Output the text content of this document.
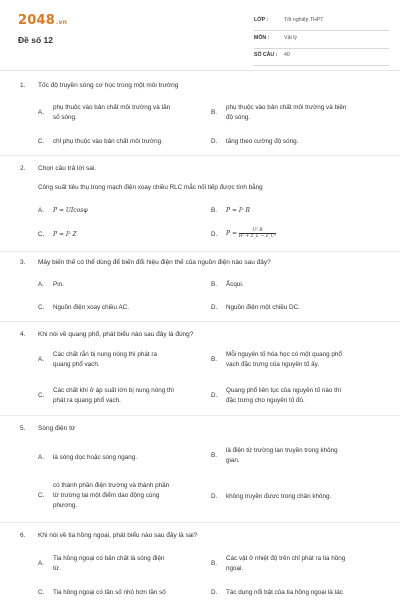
2048.vn
Đề số 12
LỚP :	Tốt nghiệp THPT
MÔN :	Vật lý
SỐ CÂU : 40
1. Tốc độ truyền sóng cơ học trong một môi trường
A.
phụ thuộc vào bản chất môi trường và tần
số sóng.
B.
phụ thuộc vào bản chất môi trường và biên
độ sóng.
C.	chỉ phụ thuộc vào bản chất môi trường.	D.	tăng theo cường độ sóng.
2. Chọn câu trả lời sai.
Công suất tiêu thụ trong mạch điện xoay chiều RLC mắc nối tiếp được tính bằng
A.	P = UIcosφ	B.	P = I² R
C.	P = I² Z	D.	$P = \frac{\text{U² R}}{\text{R² + Z\_L − Z\_C²}}$
3. Máy biến thế có thể dùng để biến đổi hiệu điện thế của nguồn điện nào sau đây?
A.	Pin.	B.	Ắcqui.
C.	Nguồn điện xoay chiều AC.	D.	Nguồn điện một chiều DC.
4. Khi nói về quang phổ, phát biểu nào sau đây là đúng?
A.
Các chất rắn bị nung nóng thì phát ra
quang phổ vạch.
B.
Mỗi nguyên tố hóa học có một quang phổ
vạch đặc trưng của nguyên tố ấy.
C.
Các chất khí ở áp suất lớn bị nung nóng thì
phát ra quang phổ vạch.
D.
Quang phổ liên tục của nguyên tố nào thì
đặc trưng cho nguyên tố đó.
5. Sóng điện từ
A.	là sóng dọc hoặc sóng ngang.	B.
là điện từ trường lan truyền trong không
gian.
C.
có thành phần điện trường và thành phần
từ trường tại một điểm dao động cùng
phương.
D.	không truyền được trong chân không.
6. Khi nói về tia hồng ngoại, phát biểu nào sau đây là sai?
A.
Tia hồng ngoại có bản chất là sóng điện
từ.
B.
Các vật ở nhiệt độ trên chỉ phát ra tia hồng
ngoại.
C.	Tia hồng ngoại có tần số nhỏ hơn tần số	D.	Tác dụng nổi bật của tia hồng ngoại là tác
